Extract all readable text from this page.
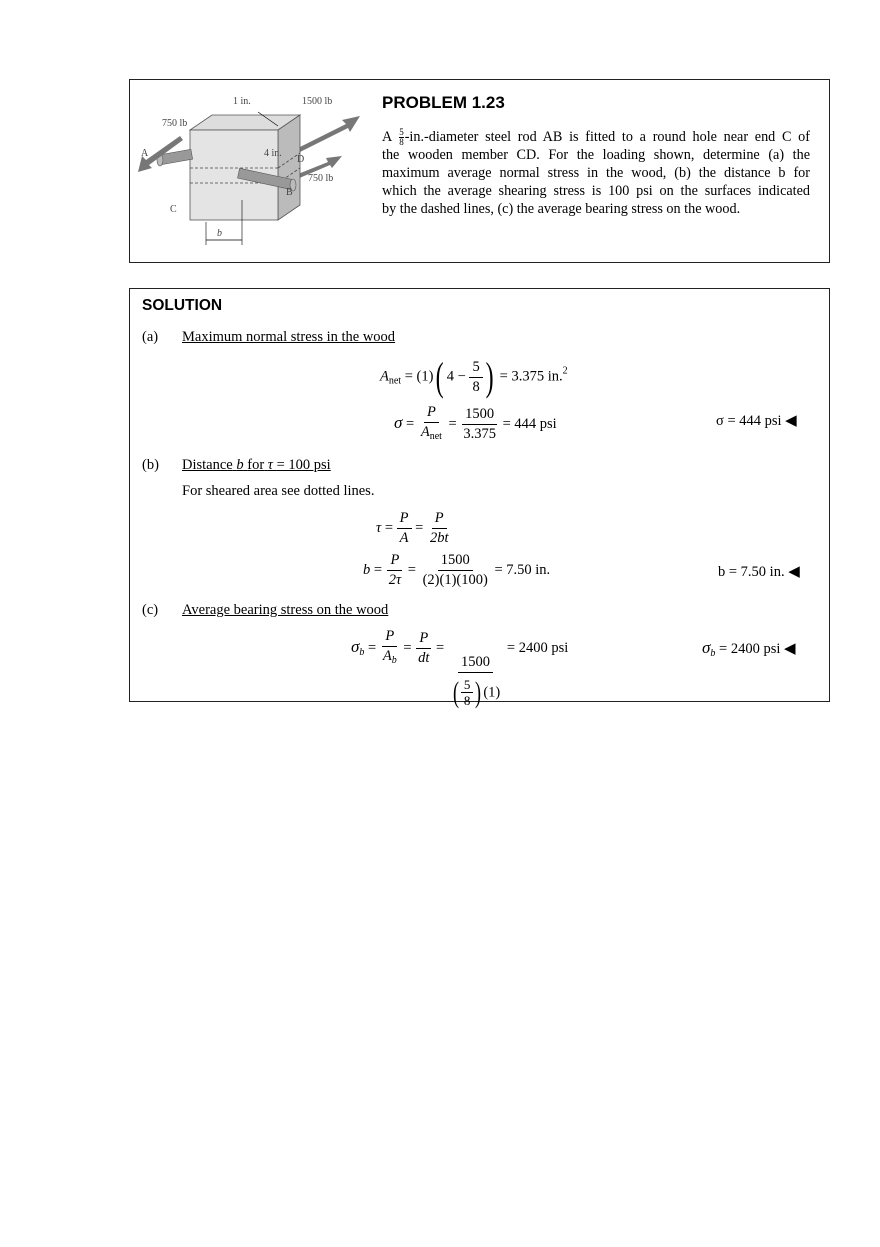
1 in.	1500 lb
750 lb
A	4 in.
D
750 lb
B
C
b
PROBLEM 1.23
A $\frac{5}{8}$ -in.-diameter steel rod AB is fitted to a round hole near end C of
the wooden member CD. For the loading shown, determine (a) the
maximum average normal stress in the wood, (b) the distance b for
which the average shearing stress is 100 psi on the surfaces indicated
by the dashed lines, (c) the average bearing stress on the wood.
SOLUTION
(a) Maximum normal stress in the wood
$A_{net} = (1)$( $4 - \frac{5}{8}$ ) = 3.375 in.$^2$
$\sigma = \frac{P}{A_{net}} = \frac{1500}{3.375} = 444$ psi	σ = 444 psi ◀
(b) Distance b for τ = 100 psi
For sheared area see dotted lines.
$\tau = \frac{P}{A} = \frac{P}{2bt}$
$b = \frac{P}{2\tau} = \frac{1500}{(2)(1)(100)} = 7.50$ in.	b = 7.50 in. ◀
(c) Average bearing stress on the wood
$\sigma_b = \frac{P}{A_b} = \frac{P}{dt}$ =
$\frac{1500}{( \frac{5}{8} ) (1)}$
= 2400 psi	$\sigma_b = 2400$ psi ◀
